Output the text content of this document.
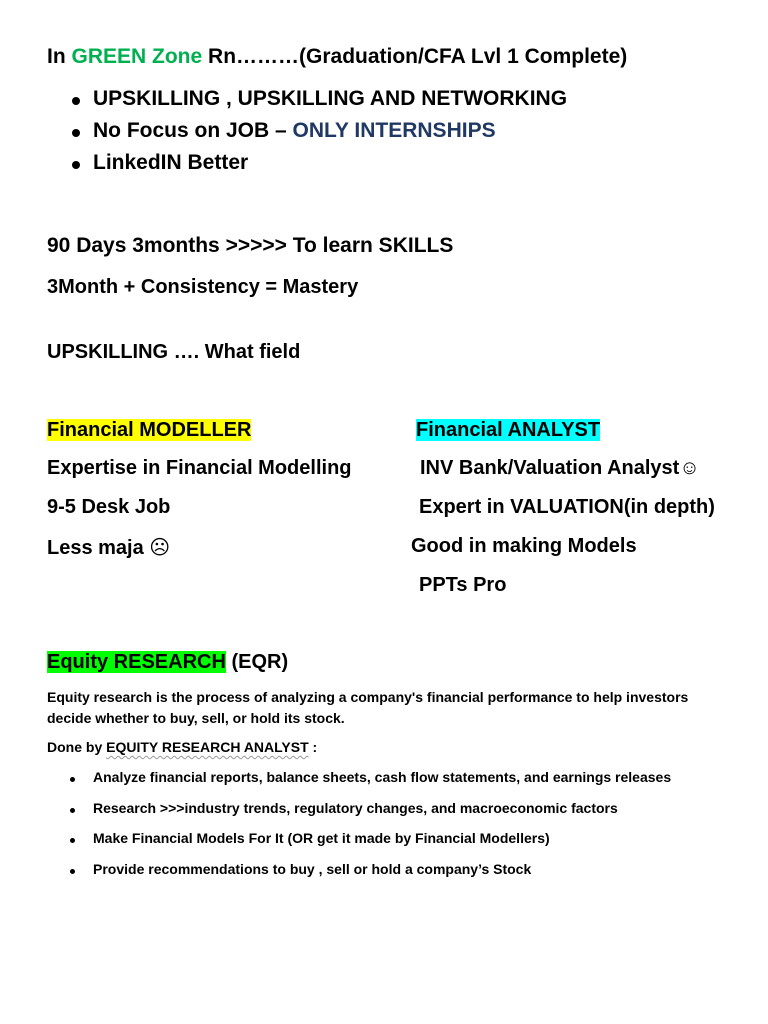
In GREEN Zone Rn………(Graduation/CFA Lvl 1 Complete)
UPSKILLING , UPSKILLING AND NETWORKING
No Focus on JOB – ONLY INTERNSHIPS
LinkedIN Better
90 Days 3months >>>>> To learn SKILLS
3Month + Consistency = Mastery
UPSKILLING …. What field
Financial MODELLER
Expertise in Financial Modelling
9-5 Desk Job
Less maja ☹
Financial ANALYST
INV Bank/Valuation Analyst☺
Expert in VALUATION(in depth)
Good in making Models
PPTs Pro
Equity RESEARCH (EQR)
Equity research is the process of analyzing a company's financial performance to help investors decide whether to buy, sell, or hold its stock.
Done by EQUITY RESEARCH ANALYST :
Analyze financial reports, balance sheets, cash flow statements, and earnings releases
Research >>>industry trends, regulatory changes, and macroeconomic factors
Make Financial Models For It (OR get it made by Financial Modellers)
Provide recommendations to buy , sell or hold a company’s Stock
